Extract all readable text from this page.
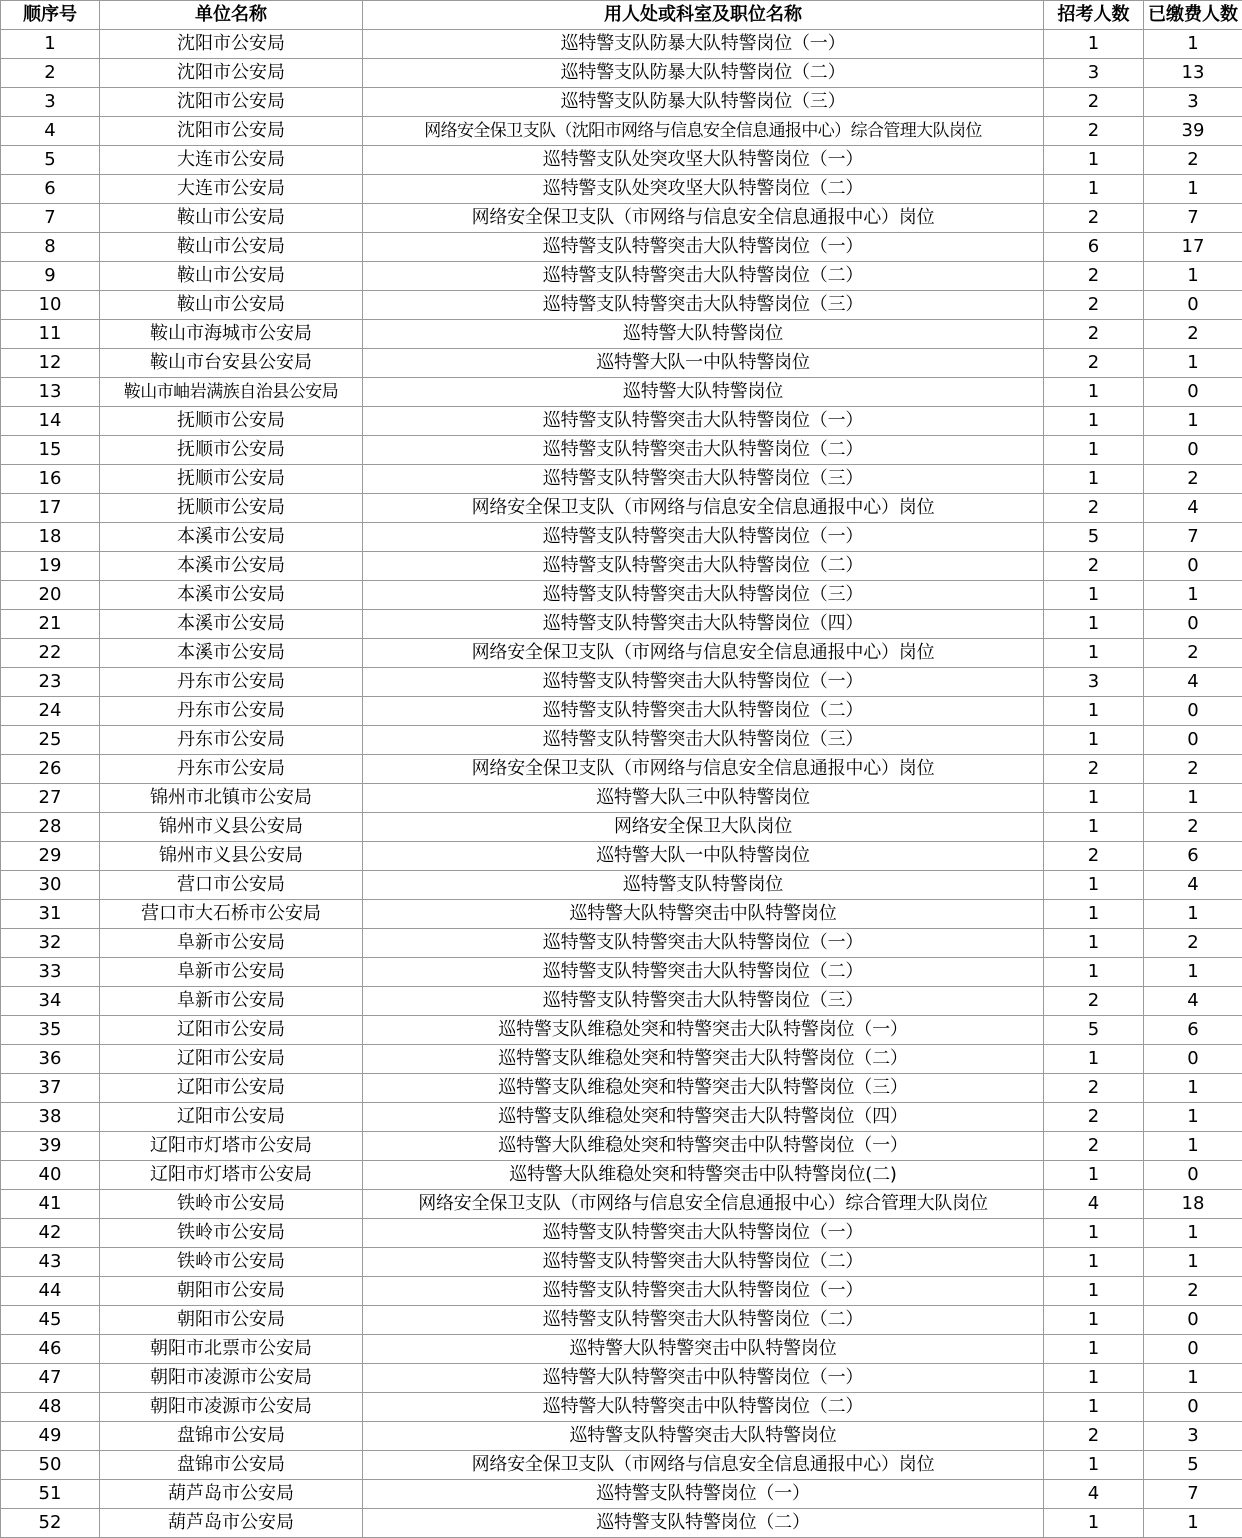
顺序号	单位名称	用人处或科室及职位名称	招考人数	已缴费人数
1	沈阳市公安局	巡特警支队防暴大队特警岗位（一）	1	1
2	沈阳市公安局	巡特警支队防暴大队特警岗位（二）	3	13
3	沈阳市公安局	巡特警支队防暴大队特警岗位（三）	2	3
4	沈阳市公安局	网络安全保卫支队（沈阳市网络与信息安全信息通报中心）综合管理大队岗位	2	39
5	大连市公安局	巡特警支队处突攻坚大队特警岗位（一）	1	2
6	大连市公安局	巡特警支队处突攻坚大队特警岗位（二）	1	1
7	鞍山市公安局	网络安全保卫支队（市网络与信息安全信息通报中心）岗位	2	7
8	鞍山市公安局	巡特警支队特警突击大队特警岗位（一）	6	17
9	鞍山市公安局	巡特警支队特警突击大队特警岗位（二）	2	1
10	鞍山市公安局	巡特警支队特警突击大队特警岗位（三）	2	0
11	鞍山市海城市公安局	巡特警大队特警岗位	2	2
12	鞍山市台安县公安局	巡特警大队一中队特警岗位	2	1
13	鞍山市岫岩满族自治县公安局	巡特警大队特警岗位	1	0
14	抚顺市公安局	巡特警支队特警突击大队特警岗位（一）	1	1
15	抚顺市公安局	巡特警支队特警突击大队特警岗位（二）	1	0
16	抚顺市公安局	巡特警支队特警突击大队特警岗位（三）	1	2
17	抚顺市公安局	网络安全保卫支队（市网络与信息安全信息通报中心）岗位	2	4
18	本溪市公安局	巡特警支队特警突击大队特警岗位（一）	5	7
19	本溪市公安局	巡特警支队特警突击大队特警岗位（二）	2	0
20	本溪市公安局	巡特警支队特警突击大队特警岗位（三）	1	1
21	本溪市公安局	巡特警支队特警突击大队特警岗位（四）	1	0
22	本溪市公安局	网络安全保卫支队（市网络与信息安全信息通报中心）岗位	1	2
23	丹东市公安局	巡特警支队特警突击大队特警岗位（一）	3	4
24	丹东市公安局	巡特警支队特警突击大队特警岗位（二）	1	0
25	丹东市公安局	巡特警支队特警突击大队特警岗位（三）	1	0
26	丹东市公安局	网络安全保卫支队（市网络与信息安全信息通报中心）岗位	2	2
27	锦州市北镇市公安局	巡特警大队三中队特警岗位	1	1
28	锦州市义县公安局	网络安全保卫大队岗位	1	2
29	锦州市义县公安局	巡特警大队一中队特警岗位	2	6
30	营口市公安局	巡特警支队特警岗位	1	4
31	营口市大石桥市公安局	巡特警大队特警突击中队特警岗位	1	1
32	阜新市公安局	巡特警支队特警突击大队特警岗位（一）	1	2
33	阜新市公安局	巡特警支队特警突击大队特警岗位（二）	1	1
34	阜新市公安局	巡特警支队特警突击大队特警岗位（三）	2	4
35	辽阳市公安局	巡特警支队维稳处突和特警突击大队特警岗位（一）	5	6
36	辽阳市公安局	巡特警支队维稳处突和特警突击大队特警岗位（二）	1	0
37	辽阳市公安局	巡特警支队维稳处突和特警突击大队特警岗位（三）	2	1
38	辽阳市公安局	巡特警支队维稳处突和特警突击大队特警岗位（四）	2	1
39	辽阳市灯塔市公安局	巡特警大队维稳处突和特警突击中队特警岗位（一）	2	1
40	辽阳市灯塔市公安局	巡特警大队维稳处突和特警突击中队特警岗位(二)	1	0
41	铁岭市公安局	网络安全保卫支队（市网络与信息安全信息通报中心）综合管理大队岗位	4	18
42	铁岭市公安局	巡特警支队特警突击大队特警岗位（一）	1	1
43	铁岭市公安局	巡特警支队特警突击大队特警岗位（二）	1	1
44	朝阳市公安局	巡特警支队特警突击大队特警岗位（一）	1	2
45	朝阳市公安局	巡特警支队特警突击大队特警岗位（二）	1	0
46	朝阳市北票市公安局	巡特警大队特警突击中队特警岗位	1	0
47	朝阳市凌源市公安局	巡特警大队特警突击中队特警岗位（一）	1	1
48	朝阳市凌源市公安局	巡特警大队特警突击中队特警岗位（二）	1	0
49	盘锦市公安局	巡特警支队特警突击大队特警岗位	2	3
50	盘锦市公安局	网络安全保卫支队（市网络与信息安全信息通报中心）岗位	1	5
51	葫芦岛市公安局	巡特警支队特警岗位（一）	4	7
52	葫芦岛市公安局	巡特警支队特警岗位（二）	1	1
